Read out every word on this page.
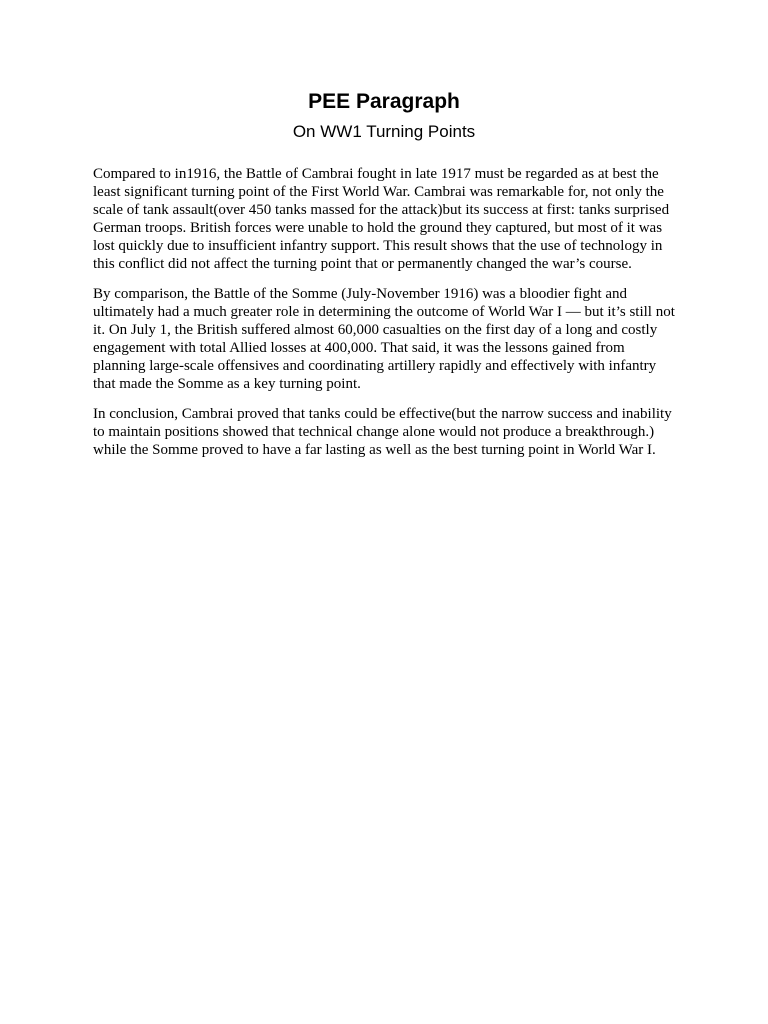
PEE Paragraph
On WW1 Turning Points

Compared to in1916, the Battle of Cambrai fought in late 1917 must be regarded as at best the least significant turning point of the First World War. Cambrai was remarkable for, not only the scale of tank assault(over 450 tanks massed for the attack)but its success at first: tanks surprised German troops. British forces were unable to hold the ground they captured, but most of it was lost quickly due to insufficient infantry support. This result shows that the use of technology in this conflict did not affect the turning point that or permanently changed the war’s course.

By comparison, the Battle of the Somme (July-November 1916) was a bloodier fight and ultimately had a much greater role in determining the outcome of World War I — but it’s still not it. On July 1, the British suffered almost 60,000 casualties on the first day of a long and costly engagement with total Allied losses at 400,000. That said, it was the lessons gained from planning large-scale offensives and coordinating artillery rapidly and effectively with infantry that made the Somme as a key turning point.

In conclusion, Cambrai proved that tanks could be effective(but the narrow success and inability to maintain positions showed that technical change alone would not produce a breakthrough.) while the Somme proved to have a far lasting as well as the best turning point in World War I.
